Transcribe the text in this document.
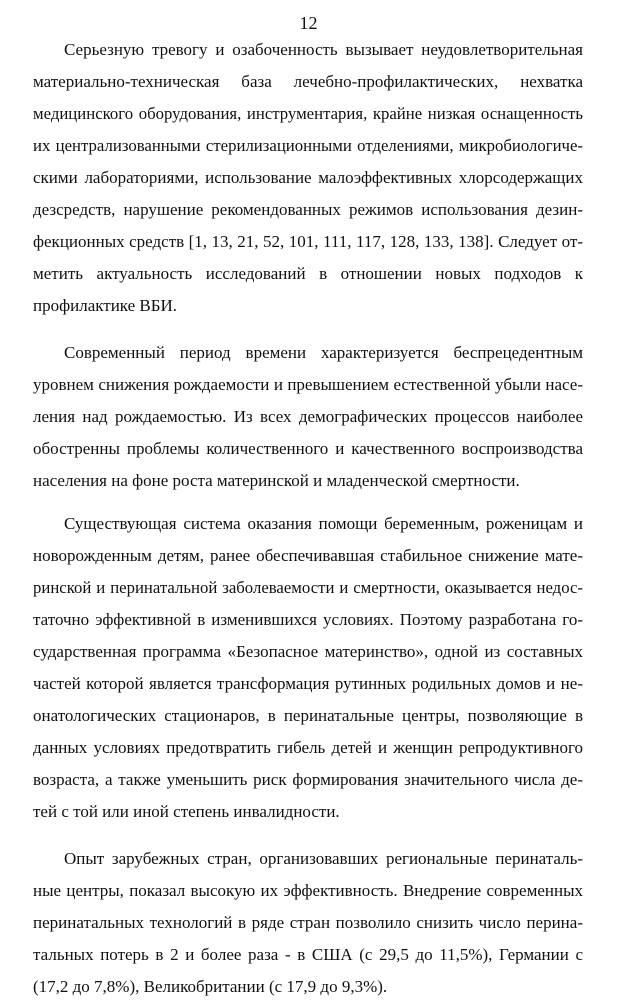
12
Серьезную тревогу и озабоченность вызывает неудовлетворительная
материально-техническая база лечебно-профилактических, нехватка
медицинского оборудования, инструментария, крайне низкая оснащенность
их централизованными стерилизационными отделениями, микробиологиче-
скими лабораториями, использование малоэффективных хлорсодержащих
дезсредств, нарушение рекомендованных режимов использования дезин-
фекционных средств [1, 13, 21, 52, 101, 111, 117, 128, 133, 138]. Следует от-
метить актуальность исследований в отношении новых подходов к
профилактике ВБИ.
Современный период времени характеризуется беспрецедентным
уровнем снижения рождаемости и превышением естественной убыли насе-
ления над рождаемостью. Из всех демографических процессов наиболее
обостренны проблемы количественного и качественного воспроизводства
населения на фоне роста материнской и младенческой смертности.
Существующая система оказания помощи беременным, роженицам и
новорожденным детям, ранее обеспечивавшая стабильное снижение мате-
ринской и перинатальной заболеваемости и смертности, оказывается недос-
таточно эффективной в изменившихся условиях. Поэтому разработана го-
сударственная программа «Безопасное материнство», одной из составных
частей которой является трансформация рутинных родильных домов и не-
онатологических стационаров, в перинатальные центры, позволяющие в
данных условиях предотвратить гибель детей и женщин репродуктивного
возраста, а также уменьшить риск формирования значительного числа де-
тей с той или иной степень инвалидности.
Опыт зарубежных стран, организовавших региональные перинаталь-
ные центры, показал высокую их эффективность. Внедрение современных
перинатальных технологий в ряде стран позволило снизить число перина-
тальных потерь в 2 и более раза - в США (с 29,5 до 11,5%), Германии с
(17,2 до 7,8%), Великобритании (с 17,9 до 9,3%).
